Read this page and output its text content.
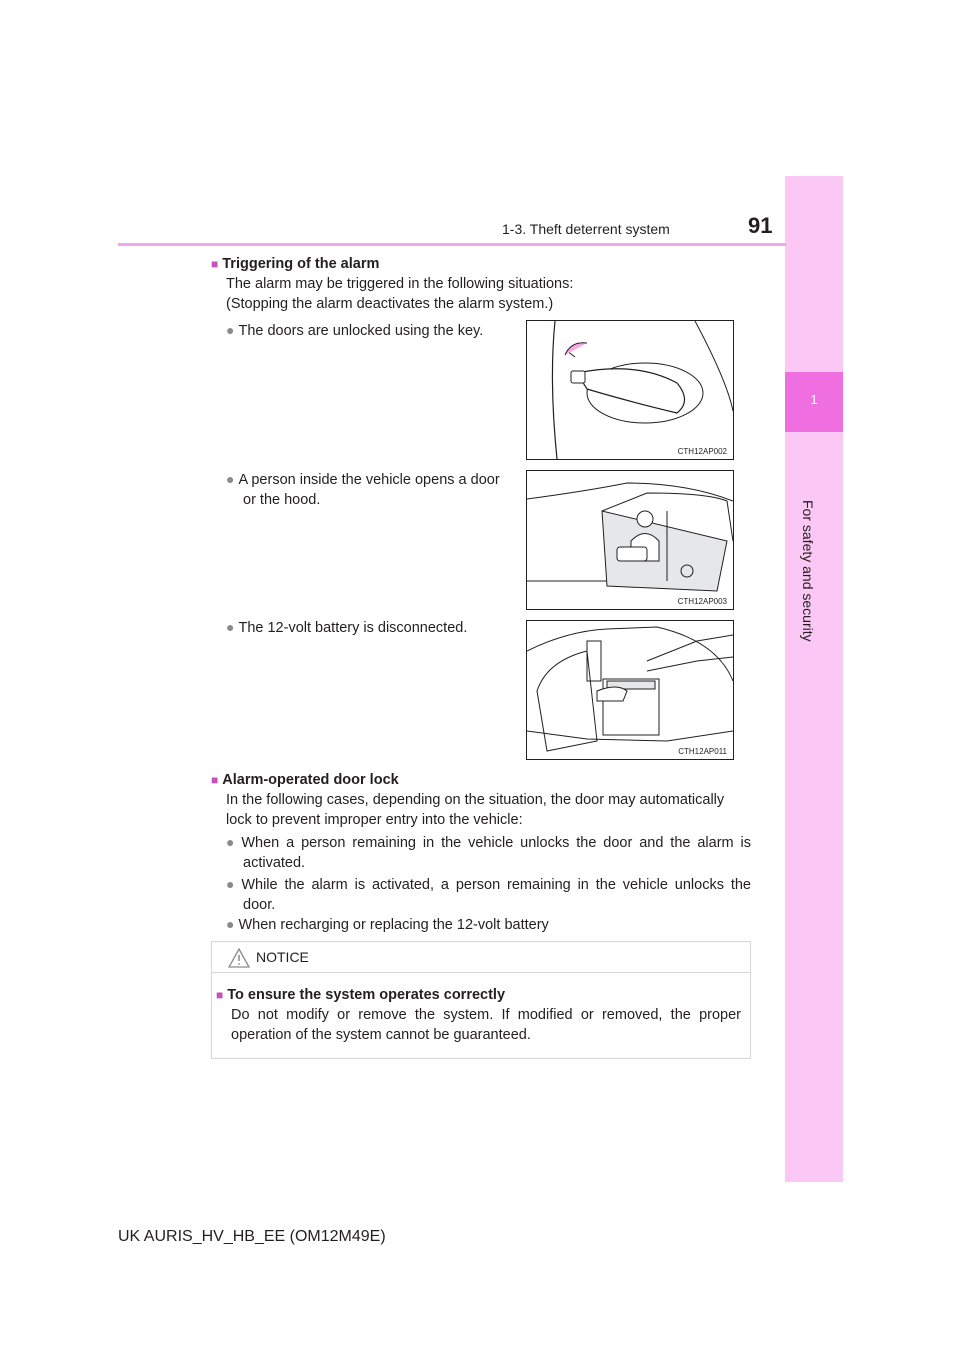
1
For safety and security
1-3. Theft deterrent system	91
■ Triggering of the alarm
The alarm may be triggered in the following situations:
(Stopping the alarm deactivates the alarm system.)
● The doors are unlocked using the key.
● A person inside the vehicle opens a door
or the hood.
● The 12-volt battery is disconnected.
CTH12AP002
CTH12AP003
CTH12AP011
■ Alarm-operated door lock
In the following cases, depending on the situation, the door may automatically
lock to prevent improper entry into the vehicle:
● When a person remaining in the vehicle unlocks the door and the alarm is
activated.
● While the alarm is activated, a person remaining in the vehicle unlocks the
door.
● When recharging or replacing the 12-volt battery
NOTICE
■ To ensure the system operates correctly
Do not modify or remove the system. If modified or removed, the proper
operation of the system cannot be guaranteed.
UK AURIS_HV_HB_EE (OM12M49E)
